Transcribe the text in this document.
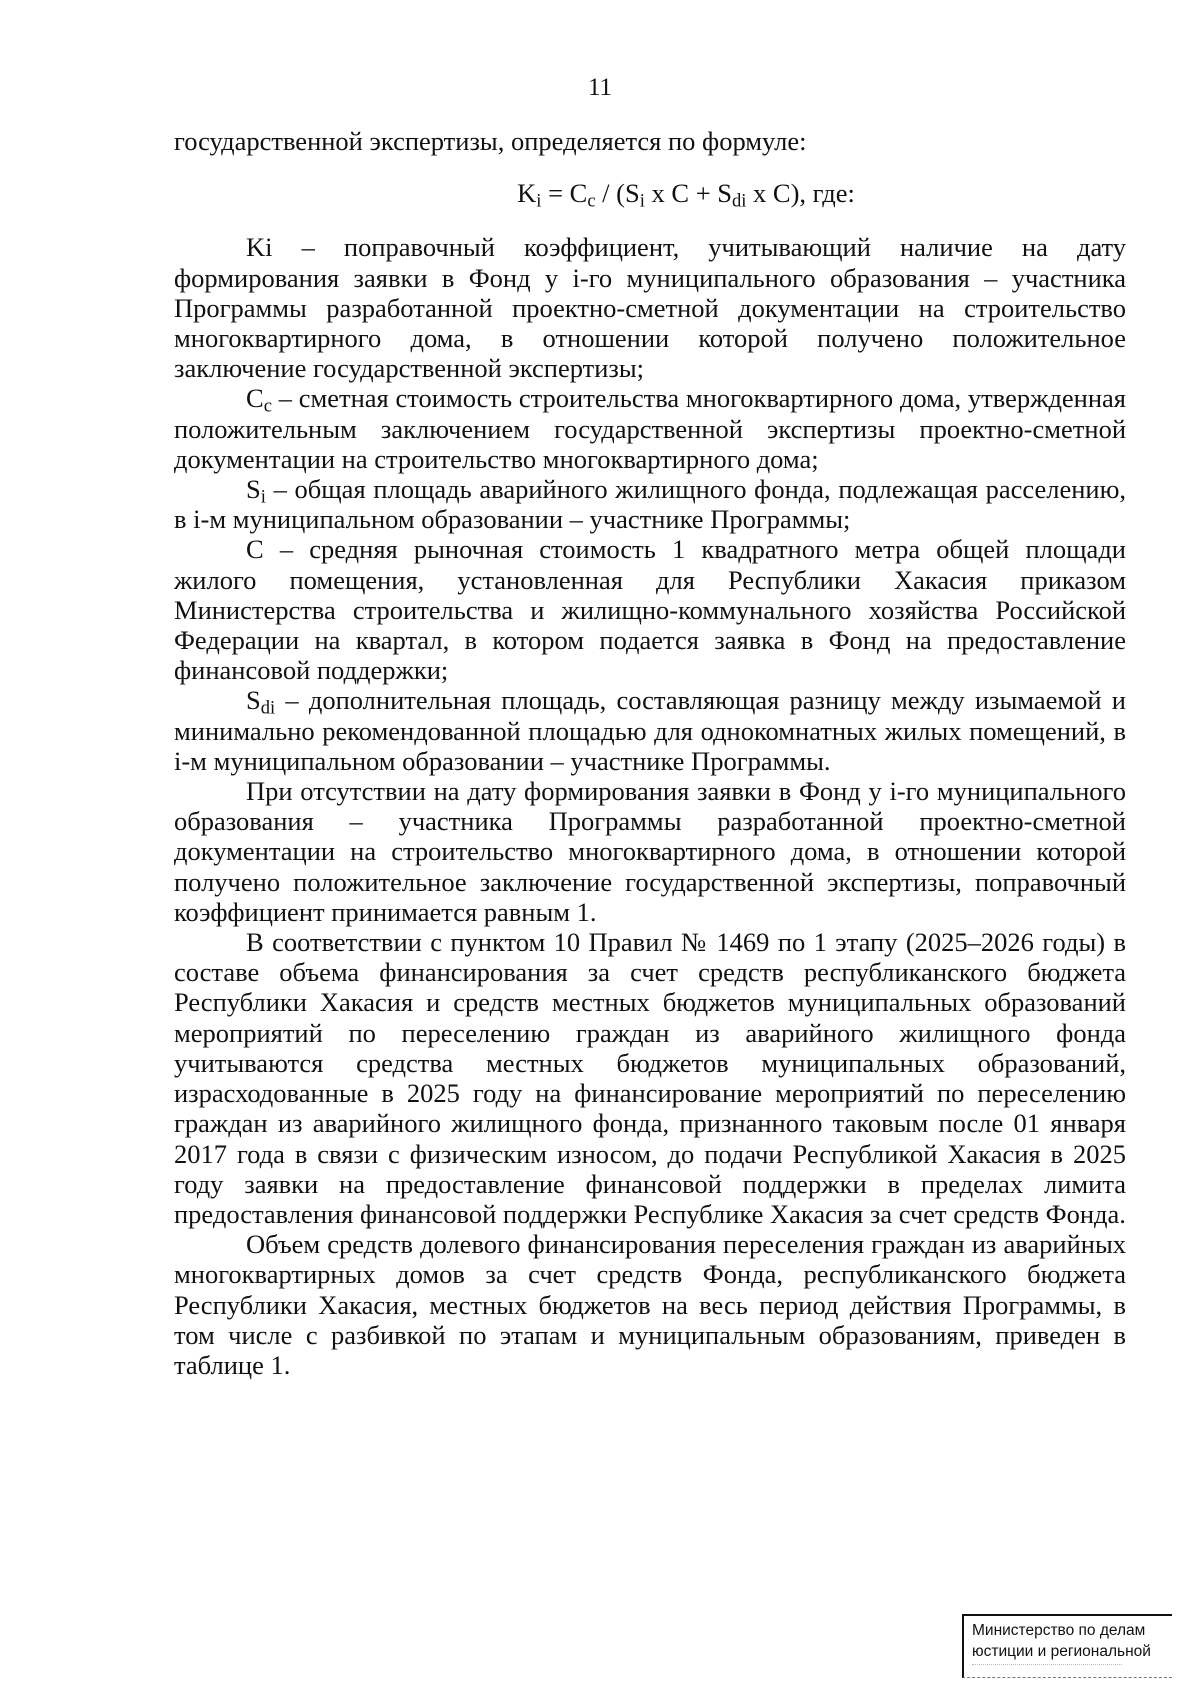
11

государственной экспертизы, определяется по формуле:

$K_i = C_c / (S_i$ x $C + S_{di}$ x C), где:

Ki – поправочный коэффициент, учитывающий наличие на дату формирования заявки в Фонд у i-го муниципального образования – участника Программы разработанной проектно-сметной документации на строительство многоквартирного дома, в отношении которой получено положительное заключение государственной экспертизы;

$C_c$ – сметная стоимость строительства многоквартирного дома, утвержденная положительным заключением государственной экспертизы проектно-сметной документации на строительство многоквартирного дома;

$S_i$ – общая площадь аварийного жилищного фонда, подлежащая расселению, в i-м муниципальном образовании – участнике Программы;

C – средняя рыночная стоимость 1 квадратного метра общей площади жилого помещения, установленная для Республики Хакасия приказом Министерства строительства и жилищно-коммунального хозяйства Российской Федерации на квартал, в котором подается заявка в Фонд на предоставление финансовой поддержки;

$S_{di}$ – дополнительная площадь, составляющая разницу между изымаемой и минимально рекомендованной площадью для однокомнатных жилых помещений, в i-м муниципальном образовании – участнике Программы.

При отсутствии на дату формирования заявки в Фонд у i-го муниципального образования – участника Программы разработанной проектно-сметной документации на строительство многоквартирного дома, в отношении которой получено положительное заключение государственной экспертизы, поправочный коэффициент принимается равным 1.

В соответствии с пунктом 10 Правил № 1469 по 1 этапу (2025–2026 годы) в составе объема финансирования за счет средств республиканского бюджета Республики Хакасия и средств местных бюджетов муниципальных образований мероприятий по переселению граждан из аварийного жилищного фонда учитываются средства местных бюджетов муниципальных образований, израсходованные в 2025 году на финансирование мероприятий по переселению граждан из аварийного жилищного фонда, признанного таковым после 01 января 2017 года в связи с физическим износом, до подачи Республикой Хакасия в 2025 году заявки на предоставление финансовой поддержки в пределах лимита предоставления финансовой поддержки Республике Хакасия за счет средств Фонда.

Объем средств долевого финансирования переселения граждан из аварийных многоквартирных домов за счет средств Фонда, республиканского бюджета Республики Хакасия, местных бюджетов на весь период действия Программы, в том числе с разбивкой по этапам и муниципальным образованиям, приведен в таблице 1.

Министерство по делам
юстиции и региональной
